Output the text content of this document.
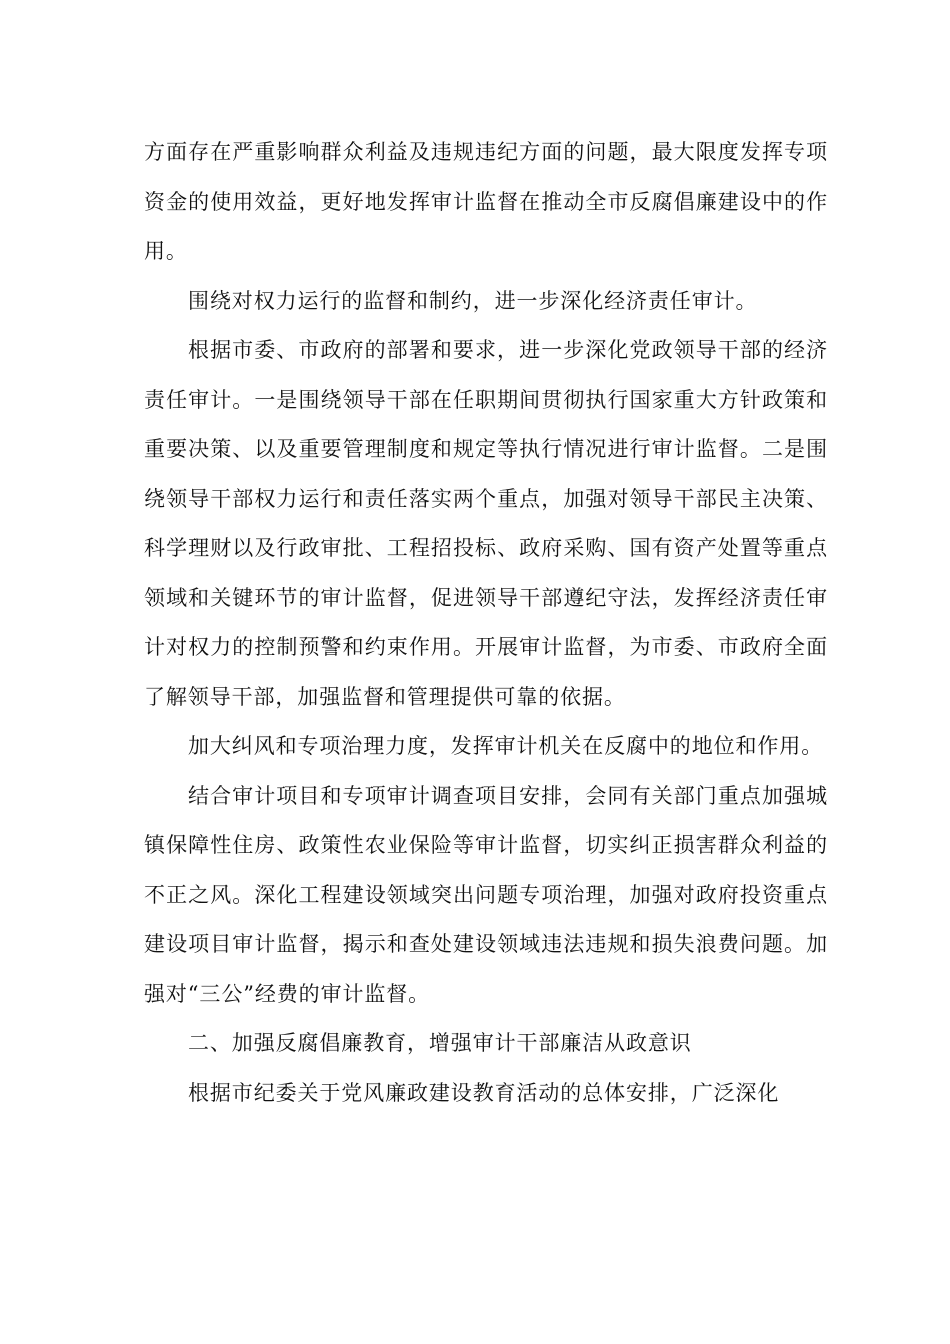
方面存在严重影响群众利益及违规违纪方面的问题，最大限度发挥专项资金的使用效益，更好地发挥审计监督在推动全市反腐倡廉建设中的作用。

围绕对权力运行的监督和制约，进一步深化经济责任审计。

根据市委、市政府的部署和要求，进一步深化党政领导干部的经济责任审计。一是围绕领导干部在任职期间贯彻执行国家重大方针政策和重要决策、以及重要管理制度和规定等执行情况进行审计监督。二是围绕领导干部权力运行和责任落实两个重点，加强对领导干部民主决策、科学理财以及行政审批、工程招投标、政府采购、国有资产处置等重点领域和关键环节的审计监督，促进领导干部遵纪守法，发挥经济责任审计对权力的控制预警和约束作用。开展审计监督，为市委、市政府全面了解领导干部，加强监督和管理提供可靠的依据。

加大纠风和专项治理力度，发挥审计机关在反腐中的地位和作用。

结合审计项目和专项审计调查项目安排，会同有关部门重点加强城镇保障性住房、政策性农业保险等审计监督，切实纠正损害群众利益的不正之风。深化工程建设领域突出问题专项治理，加强对政府投资重点建设项目审计监督，揭示和查处建设领域违法违规和损失浪费问题。加强对“三公”经费的审计监督。

二、加强反腐倡廉教育，增强审计干部廉洁从政意识

根据市纪委关于党风廉政建设教育活动的总体安排，广泛深化
